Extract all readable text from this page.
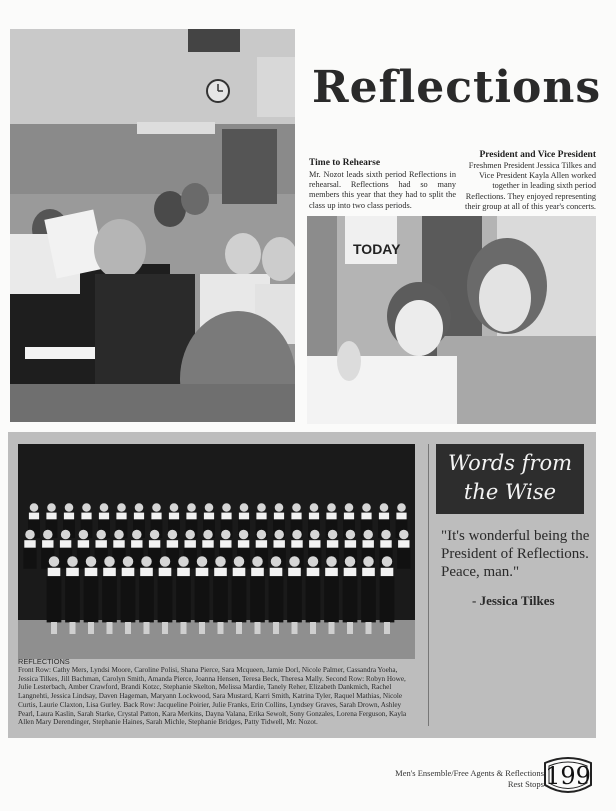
Reflections
Time to Rehearse
Mr. Nozot leads sixth period Reflections in rehearsal. Reflections had so many members this year that they had to split the class up into two class periods.
President and Vice President
Freshmen President Jessica Tilkes and Vice President Kayla Allen worked together in leading sixth period Reflections. They enjoyed representing their group at all of this year's concerts.
TODAY
Words from
the Wise
"It's wonderful being the President of Reflections. Peace, man."
- Jessica Tilkes
REFLECTIONS
Front Row: Cathy Mers, Lyndsi Moore, Caroline Polisi, Shana Pierce, Sara Mcqueen, Jamie Dorl, Nicole Palmer, Cassandra Yoeha, Jessica Tilkes, Jill Bachman, Carolyn Smith, Amanda Pierce, Joanna Hensen, Teresa Beck, Theresa Mally. Second Row: Robyn Howe, Julie Lesterbach, Amber Crawford, Brandi Kotzc, Stephanie Skelton, Melissa Mardie, Tanely Reher, Elizabeth Dankmich, Rachel Langnehti, Jessica Lindsay, Daven Hageman, Maryann Lockwood, Sara Mustard, Karri Smith, Katrina Tyler, Raquel Mathias, Nicole Curtis, Laurie Claxton, Lisa Gurley. Back Row: Jacqueline Poirier, Julie Franks, Erin Collins, Lyndsey Graves, Sarah Drown, Ashley Pearl, Laura Kaslin, Sarah Starke, Crystal Patton, Kara Merkins, Dayna Valana, Erika Sewolt, Sony Gonzales, Lorena Ferguson, Kayla Allen Mary Derendinger, Stephanie Haines, Sarah Michle, Stephanie Bridges, Patty Tidwell, Mr. Nozot.
Men's Ensemble/Free Agents & Reflections
Rest Stops 199
